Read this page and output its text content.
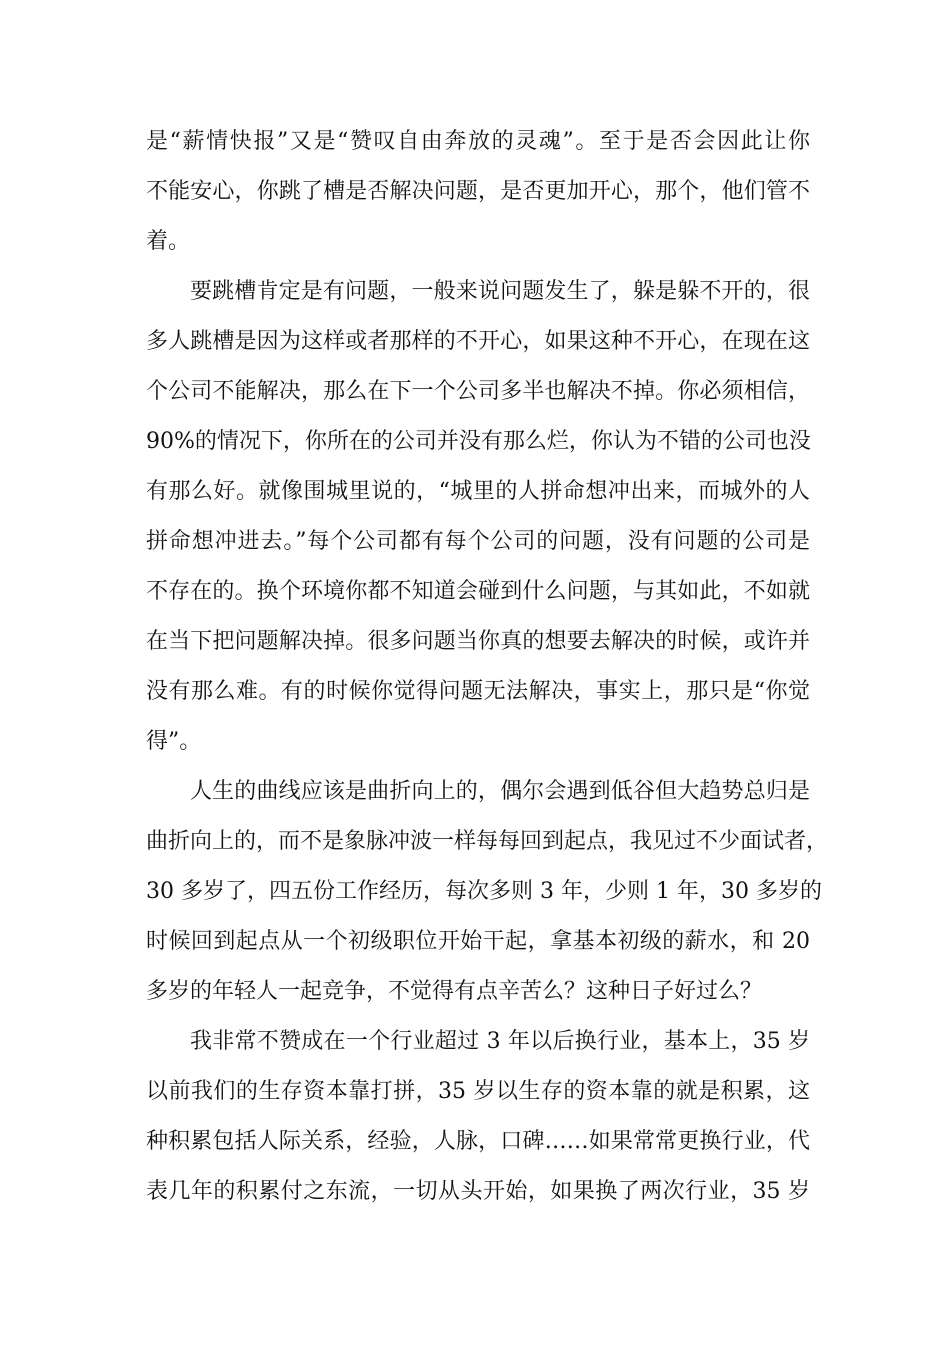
是“薪情快报”又是“赞叹自由奔放的灵魂”。至于是否会因此让你
不能安心，你跳了槽是否解决问题，是否更加开心，那个，他们管不
着。
要跳槽肯定是有问题，一般来说问题发生了，躲是躲不开的，很
多人跳槽是因为这样或者那样的不开心，如果这种不开心，在现在这
个公司不能解决，那么在下一个公司多半也解决不掉。你必须相信，
90%的情况下，你所在的公司并没有那么烂，你认为不错的公司也没
有那么好。就像围城里说的，“城里的人拼命想冲出来，而城外的人
拼命想冲进去。”每个公司都有每个公司的问题，没有问题的公司是
不存在的。换个环境你都不知道会碰到什么问题，与其如此，不如就
在当下把问题解决掉。很多问题当你真的想要去解决的时候，或许并
没有那么难。有的时候你觉得问题无法解决，事实上，那只是“你觉
得”。
人生的曲线应该是曲折向上的，偶尔会遇到低谷但大趋势总归是
曲折向上的，而不是象脉冲波一样每每回到起点，我见过不少面试者，
30 多岁了，四五份工作经历，每次多则 3 年，少则 1 年，30 多岁的
时候回到起点从一个初级职位开始干起，拿基本初级的薪水，和 20
多岁的年轻人一起竞争，不觉得有点辛苦么？这种日子好过么？
我非常不赞成在一个行业超过 3 年以后换行业，基本上，35 岁
以前我们的生存资本靠打拼，35 岁以生存的资本靠的就是积累，这
种积累包括人际关系，经验，人脉，口碑……如果常常更换行业，代
表几年的积累付之东流，一切从头开始，如果换了两次行业，35 岁
